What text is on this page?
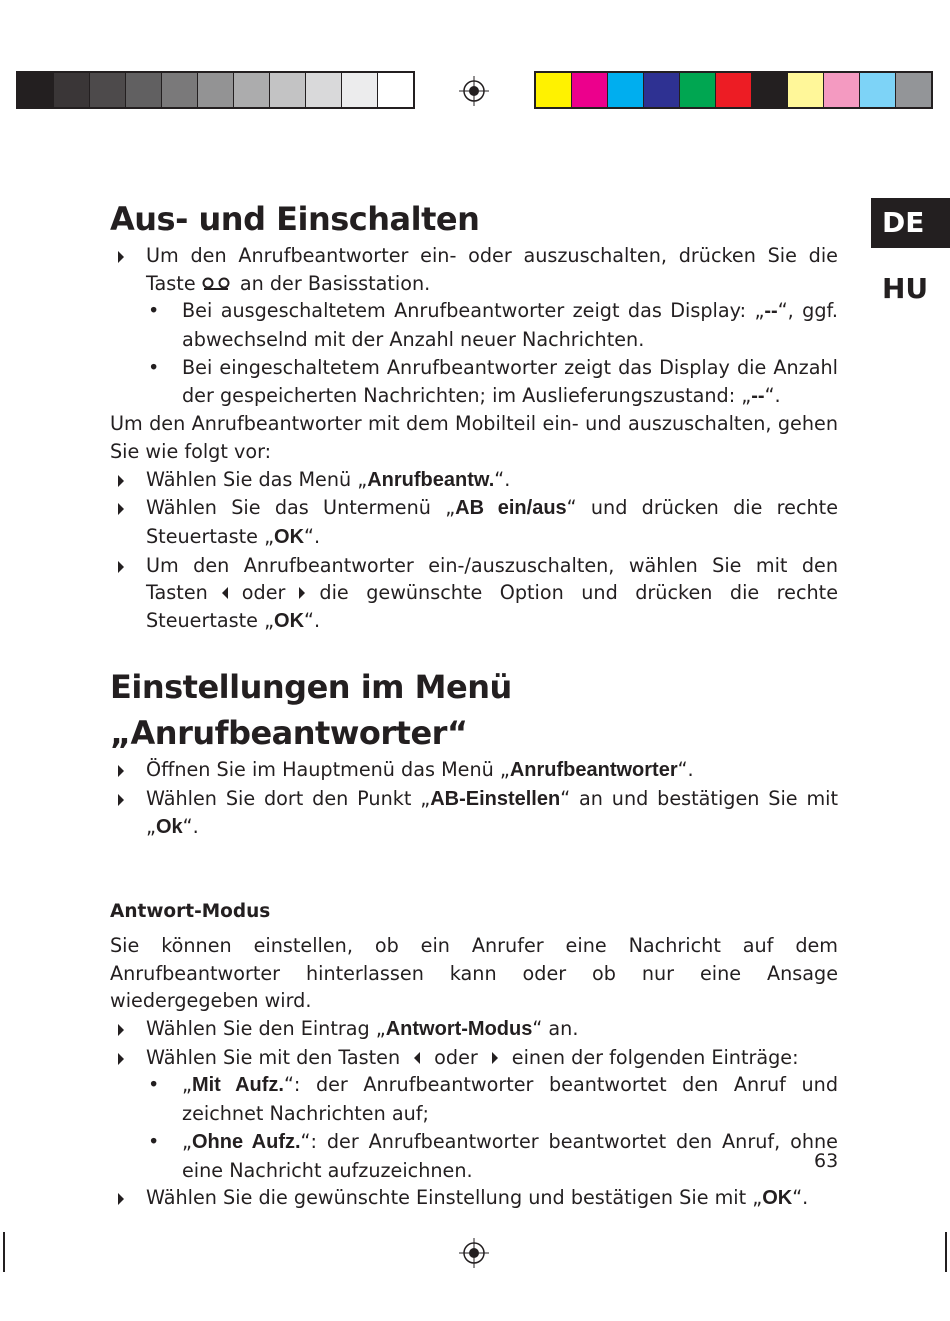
DE
HU
Aus- und Einschalten
Um den Anrufbeantworter ein- oder auszuschalten, drücken Sie die Taste  an der Basisstation.
• Bei ausgeschaltetem Anrufbeantworter zeigt das Display: „--“, ggf. abwechselnd mit der Anzahl neuer Nachrichten.
• Bei eingeschaltetem Anrufbeantworter zeigt das Display die Anzahl der gespeicherten Nachrichten; im Auslieferungszustand: „--“.

Um den Anrufbeantworter mit dem Mobilteil ein- und auszuschalten, gehen Sie wie folgt vor:

Wählen Sie das Menü „Anrufbeantw.“.
Wählen Sie das Untermenü „AB ein/aus“ und drücken die rechte Steuertaste „OK“.
Um den Anrufbeantworter ein-/auszuschalten, wählen Sie mit den Tasten oder die gewünschte Option und drücken die rechte Steuertaste „OK“.
Einstellungen im Menü „Anrufbeantworter“
Öffnen Sie im Hauptmenü das Menü „Anrufbeantworter“.
Wählen Sie dort den Punkt „AB-Einstellen“ an und bestätigen Sie mit „Ok“.
Antwort-Modus

Sie können einstellen, ob ein Anrufer eine Nachricht auf dem Anrufbeantworter hinterlassen kann oder ob nur eine Ansage wiedergegeben wird.

Wählen Sie den Eintrag „Antwort-Modus“ an.
Wählen Sie mit den Tasten oder einen der folgenden Einträge:
• „Mit Aufz.“: der Anrufbeantworter beantwortet den Anruf und zeichnet Nachrichten auf;
• „Ohne Aufz.“: der Anrufbeantworter beantwortet den Anruf, ohne eine Nachricht aufzuzeichnen.
Wählen Sie die gewünschte Einstellung und bestätigen Sie mit „OK“.
63
